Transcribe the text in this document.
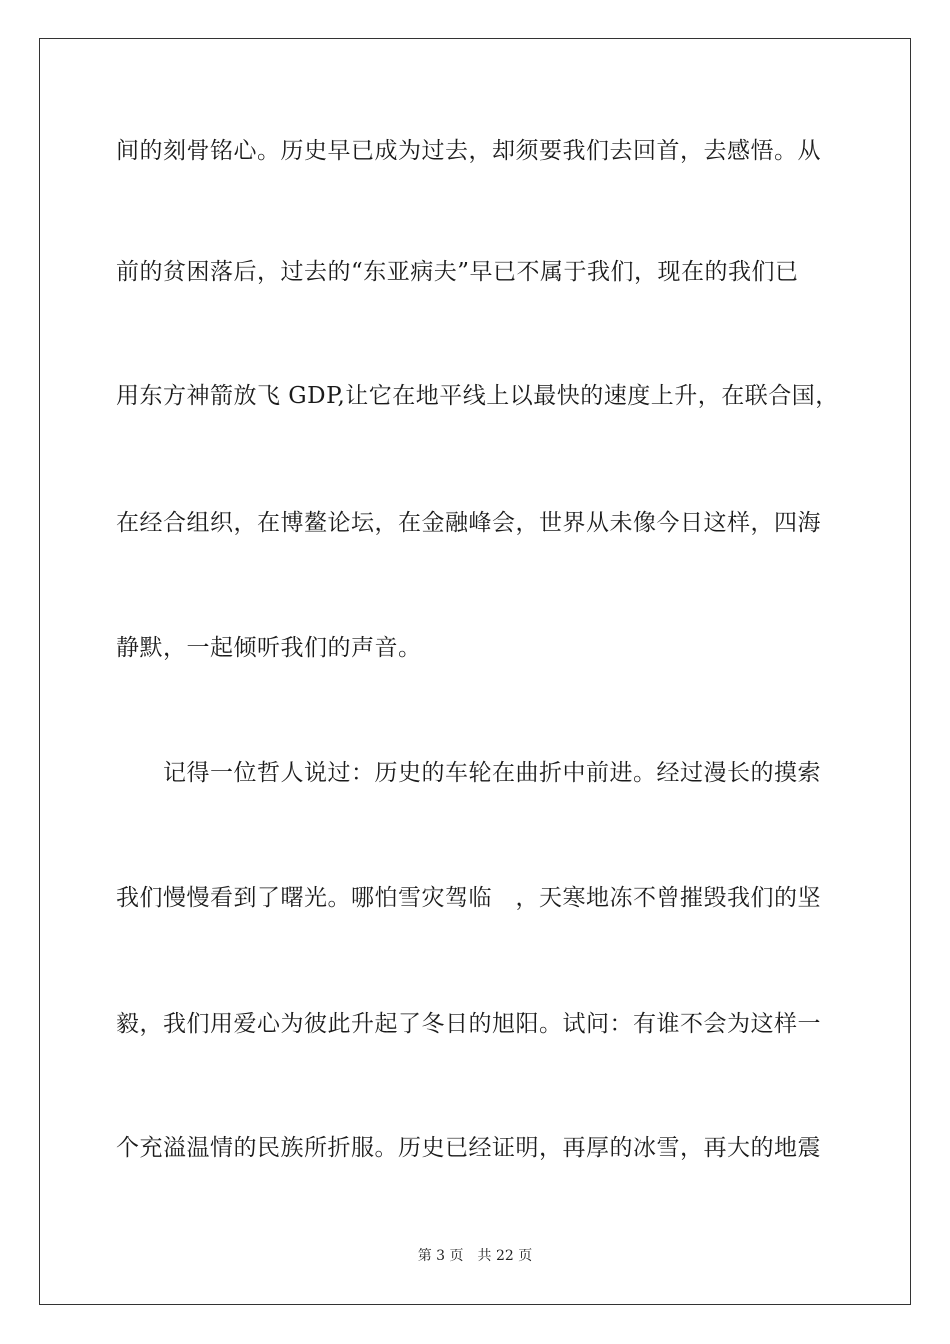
间的刻骨铭心。历史早已成为过去，却须要我们去回首，去感悟。从
前的贫困落后，过去的“东亚病夫”早已不属于我们，现在的我们已
用东方神箭放飞 GDP,让它在地平线上以最快的速度上升，在联合国，
在经合组织，在博鳌论坛，在金融峰会，世界从未像今日这样，四海
静默，一起倾听我们的声音。
　　记得一位哲人说过：历史的车轮在曲折中前进。经过漫长的摸索
我们慢慢看到了曙光。哪怕雪灾驾临　，天寒地冻不曾摧毁我们的坚
毅，我们用爱心为彼此升起了冬日的旭阳。试问：有谁不会为这样一
个充溢温情的民族所折服。历史已经证明，再厚的冰雪，再大的地震
第 3 页 共 22 页
